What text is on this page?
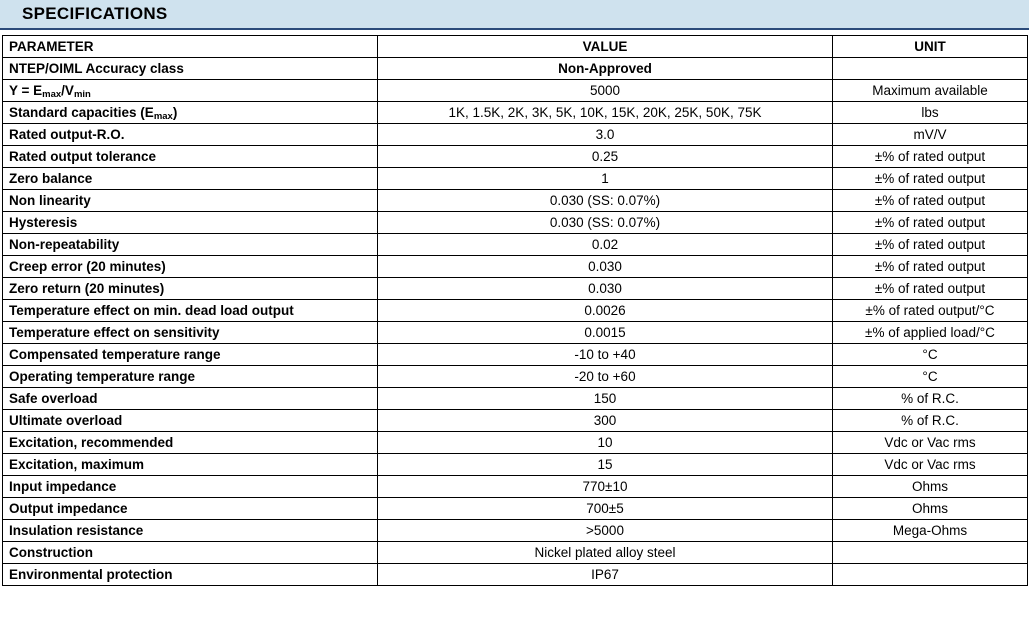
SPECIFICATIONS
PARAMETER	VALUE	UNIT
NTEP/OIML Accuracy class	Non-Approved	
$Y = E_{max}/V_{min}$	5000	Maximum available
Standard capacities $(E_{max})$	1K, 1.5K, 2K, 3K, 5K, 10K, 15K, 20K, 25K, 50K, 75K	lbs
Rated output-R.O.	3.0	mV/V
Rated output tolerance	0.25	±% of rated output
Zero balance	1	±% of rated output
Non linearity	0.030 (SS: 0.07%)	±% of rated output
Hysteresis	0.030 (SS: 0.07%)	±% of rated output
Non-repeatability	0.02	±% of rated output
Creep error (20 minutes)	0.030	±% of rated output
Zero return (20 minutes)	0.030	±% of rated output
Temperature effect on min. dead load output	0.0026	±% of rated output/°C
Temperature effect on sensitivity	0.0015	±% of applied load/°C
Compensated temperature range	-10 to +40	°C
Operating temperature range	-20 to +60	°C
Safe overload	150	% of R.C.
Ultimate overload	300	% of R.C.
Excitation, recommended	10	Vdc or Vac rms
Excitation, maximum	15	Vdc or Vac rms
Input impedance	770±10	Ohms
Output impedance	700±5	Ohms
Insulation resistance	>5000	Mega-Ohms
Construction	Nickel plated alloy steel	
Environmental protection	IP67	
